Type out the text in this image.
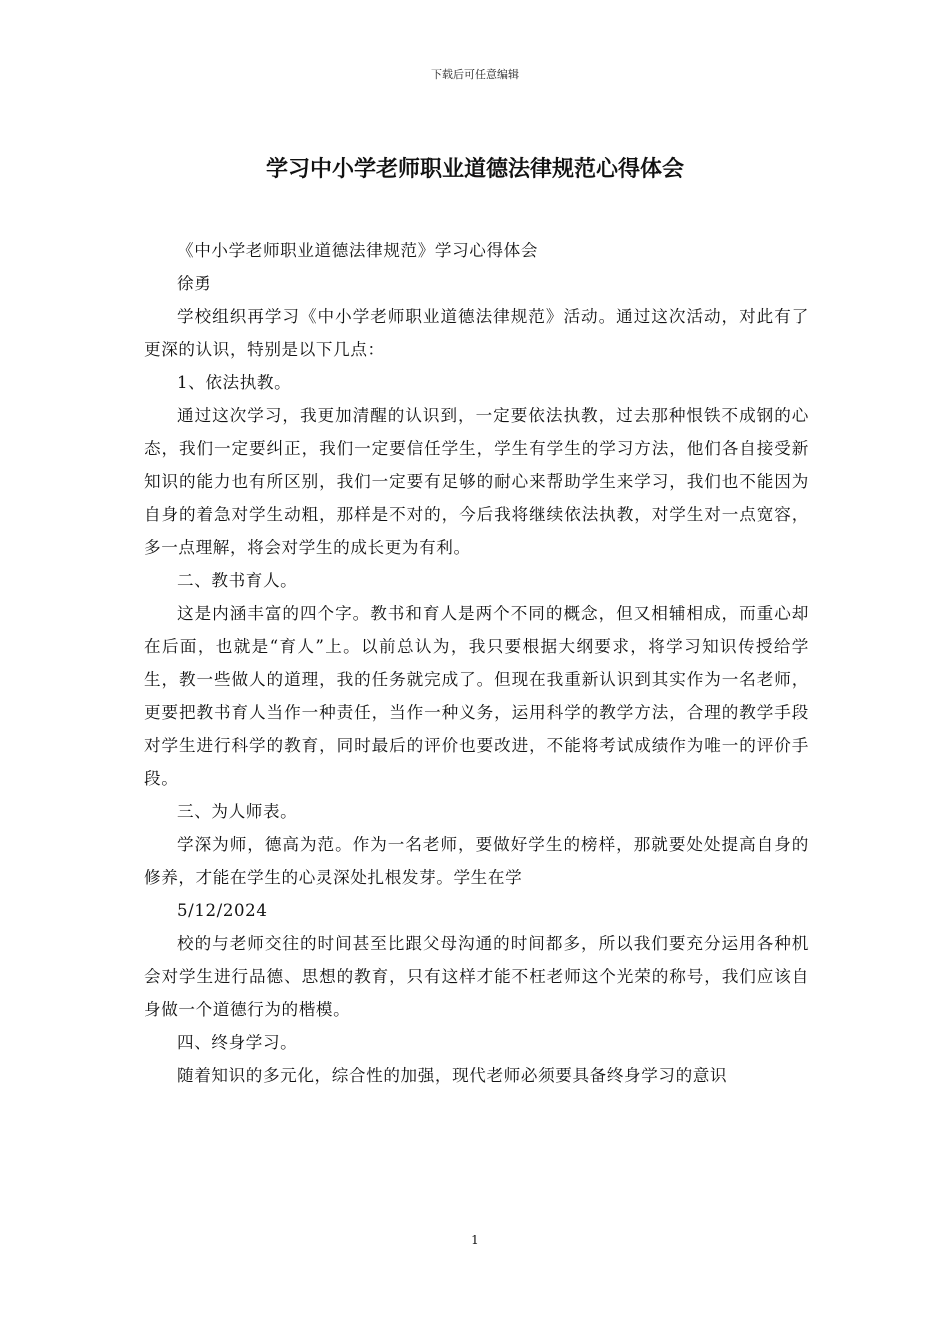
下载后可任意编辑
学习中小学老师职业道德法律规范心得体会

《中小学老师职业道德法律规范》学习心得体会

徐勇

学校组织再学习《中小学老师职业道德法律规范》活动。通过这次活动，对此有了更深的认识，特别是以下几点：

1、依法执教。

通过这次学习，我更加清醒的认识到，一定要依法执教，过去那种恨铁不成钢的心态，我们一定要纠正，我们一定要信任学生，学生有学生的学习方法，他们各自接受新知识的能力也有所区别，我们一定要有足够的耐心来帮助学生来学习，我们也不能因为自身的着急对学生动粗，那样是不对的，今后我将继续依法执教，对学生对一点宽容，多一点理解，将会对学生的成长更为有利。

二、教书育人。

这是内涵丰富的四个字。教书和育人是两个不同的概念，但又相辅相成，而重心却在后面，也就是“育人”上。以前总认为，我只要根据大纲要求，将学习知识传授给学生，教一些做人的道理，我的任务就完成了。但现在我重新认识到其实作为一名老师，更要把教书育人当作一种责任，当作一种义务，运用科学的教学方法，合理的教学手段对学生进行科学的教育，同时最后的评价也要改进，不能将考试成绩作为唯一的评价手段。

三、为人师表。

学深为师，德高为范。作为一名老师，要做好学生的榜样，那就要处处提高自身的修养，才能在学生的心灵深处扎根发芽。学生在学

5/12/2024

校的与老师交往的时间甚至比跟父母沟通的时间都多，所以我们要充分运用各种机会对学生进行品德、思想的教育，只有这样才能不枉老师这个光荣的称号，我们应该自身做一个道德行为的楷模。

四、终身学习。

随着知识的多元化，综合性的加强，现代老师必须要具备终身学习的意识

1
